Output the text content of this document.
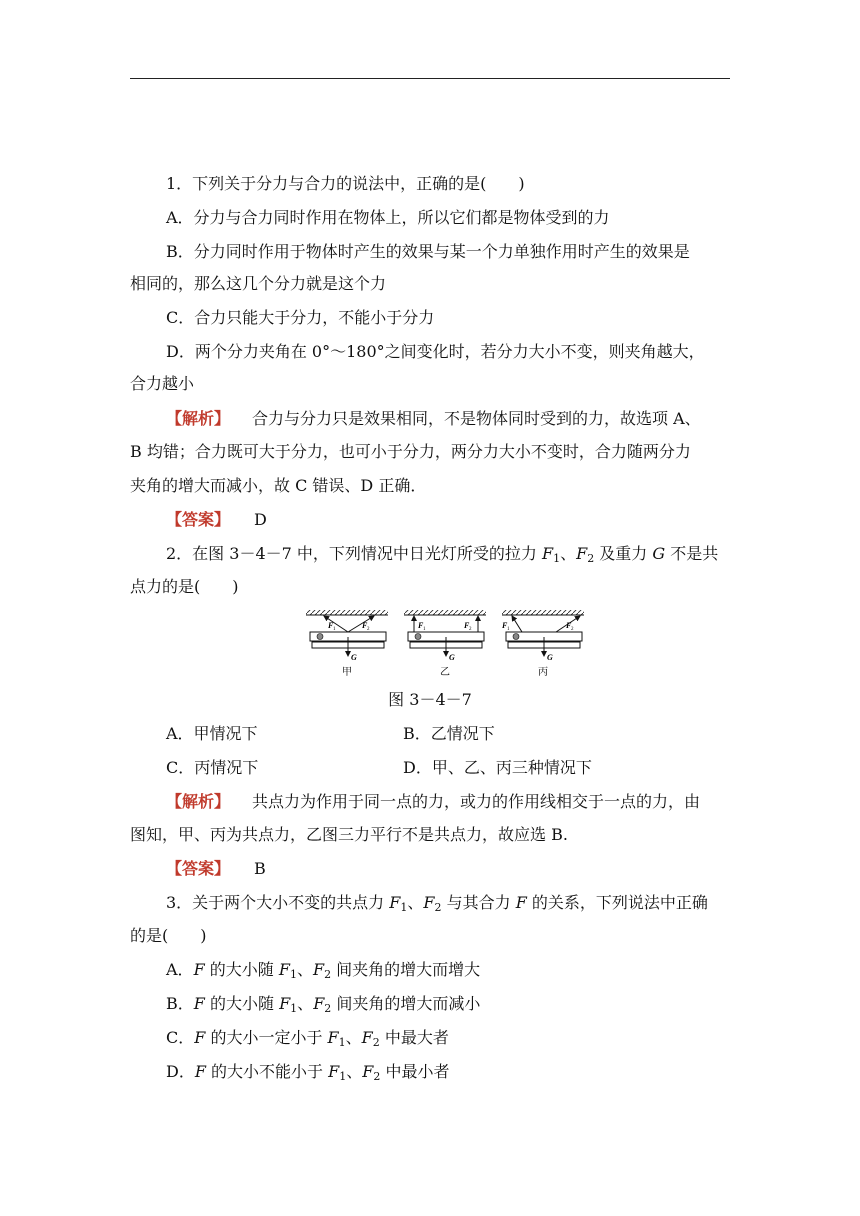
1．下列关于分力与合力的说法中，正确的是(　　)
A．分力与合力同时作用在物体上，所以它们都是物体受到的力
B．分力同时作用于物体时产生的效果与某一个力单独作用时产生的效果是
相同的，那么这几个分力就是这个力
C．合力只能大于分力，不能小于分力
D．两个分力夹角在 0°～180°之间变化时，若分力大小不变，则夹角越大，
合力越小
【解析】 合力与分力只是效果相同，不是物体同时受到的力，故选项 A、
B 均错；合力既可大于分力，也可小于分力，两分力大小不变时，合力随两分力
夹角的增大而减小，故 C 错误、D 正确．
【答案】 D
2．在图 3－4－7 中，下列情况中日光灯所受的拉力 $F_1$、$F_2$ 及重力 G 不是共
点力的是(　　)
F 1	F 2
G
甲
F 1	F 2
G
乙
F 1	F 2
G
丙
图 3－4－7
A．甲情况下	B．乙情况下
C．丙情况下	D．甲、乙、丙三种情况下
【解析】 共点力为作用于同一点的力，或力的作用线相交于一点的力，由
图知，甲、丙为共点力，乙图三力平行不是共点力，故应选 B.
【答案】 B
3．关于两个大小不变的共点力 $F_1$、$F_2$ 与其合力 F 的关系，下列说法中正确
的是(　　)
A．F 的大小随 $F_1$、$F_2$ 间夹角的增大而增大
B．F 的大小随 $F_1$、$F_2$ 间夹角的增大而减小
C．F 的大小一定小于 $F_1$、$F_2$ 中最大者
D．F 的大小不能小于 $F_1$、$F_2$ 中最小者
